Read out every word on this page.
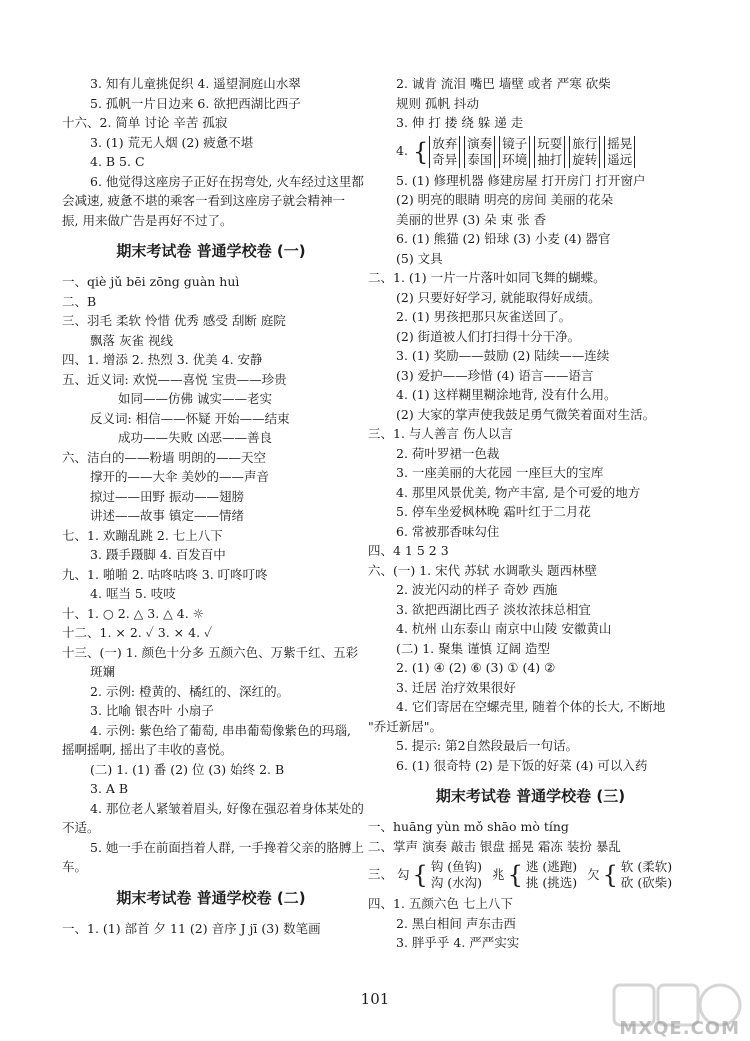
3. 知有儿童挑促织 4. 遥望洞庭山水翠
5. 孤帆一片日边来 6. 欲把西湖比西子
十六、2. 简单 讨论 辛苦 孤寂
3. (1) 荒无人烟 (2) 疲惫不堪
4. B 5. C
6. 他觉得这座房子正好在拐弯处, 火车经过这里都
会减速, 疲惫不堪的乘客一看到这座房子就会精神一
振, 用来做广告是再好不过了。
期末考试卷 普通学校卷 (一)
一、qiè jǔ bēi zōng guàn huì
二、B
三、羽毛 柔软 怜惜 优秀 感受 刮断 庭院
飘落 灰雀 视线
四、1. 增添 2. 热烈 3. 优美 4. 安静
五、近义词: 欢悦——喜悦 宝贵——珍贵
如同——仿佛 诚实——老实
反义词: 相信——怀疑 开始——结束
成功——失败 凶恶——善良
六、洁白的——粉墙 明朗的——天空
撑开的——大伞 美妙的——声音
掠过——田野 振动——翅膀
讲述——故事 镇定——情绪
七、1. 欢蹦乱跳 2. 七上八下
3. 蹑手蹑脚 4. 百发百中
九、1. 啪啪 2. 咕咚咕咚 3. 叮咚叮咚
4. 哐当 5. 吱吱
十、1. ○ 2. △ 3. △ 4. ☼
十二、1. × 2. ✓ 3. × 4. ✓
十三、(一) 1. 颜色十分多 五颜六色、万紫千红、五彩
斑斓
2. 示例: 橙黄的、橘红的、深红的。
3. 比喻 银杏叶 小扇子
4. 示例: 紫色给了葡萄, 串串葡萄像紫色的玛瑙,
摇啊摇啊, 摇出了丰收的喜悦。
(二) 1. (1) 番 (2) 位 (3) 始终 2. B
3. A B
4. 那位老人紧皱着眉头, 好像在强忍着身体某处的
不适。
5. 她一手在前面挡着人群, 一手搀着父亲的胳膊上
车。
期末考试卷 普通学校卷 (二)
一、1. (1) 部首 夕 11 (2) 音序 J jī (3) 数笔画
2. 诚肯 流泪 嘴巴 墙壁 或者 严寒 砍柴
规则 孤帆 抖动
3. 伸 打 搂 绕 躲 递 走
4. { 放弃
奇异
演奏
泰国
镜子
环境
玩耍
抽打
旅行
旋转
摇晃
遥远
5. (1) 修理机器 修建房屋 打开房门 打开窗户
(2) 明亮的眼睛 明亮的房间 美丽的花朵
美丽的世界 (3) 朵 束 张 香
6. (1) 熊猫 (2) 铅球 (3) 小麦 (4) 器官
(5) 文具
二、1. (1) 一片一片落叶如同飞舞的蝴蝶。
(2) 只要好好学习, 就能取得好成绩。
2. (1) 男孩把那只灰雀送回了。
(2) 街道被人们打扫得十分干净。
3. (1) 奖励——鼓励 (2) 陆续——连续
(3) 爱护——珍惜 (4) 语言——语言
4. (1) 这样糊里糊涂地背, 没有什么用。
(2) 大家的掌声使我鼓足勇气微笑着面对生活。
三、1. 与人善言 伤人以言
2. 荷叶罗裙一色裁
3. 一座美丽的大花园 一座巨大的宝库
4. 那里风景优美, 物产丰富, 是个可爱的地方
5. 停车坐爱枫林晚 霜叶红于二月花
6. 常被那香味勾住
四、4 1 5 2 3
六、(一) 1. 宋代 苏轼 水调歌头 题西林壁
2. 波光闪动的样子 奇妙 西施
3. 欲把西湖比西子 淡妆浓抹总相宜
4. 杭州 山东泰山 南京中山陵 安徽黄山
(二) 1. 聚集 谨慎 辽阔 造型
2. (1) ④ (2) ⑥ (3) ① (4) ②
3. 迁居 治疗效果很好
4. 它们寄居在空螺壳里, 随着个体的长大, 不断地
"乔迁新居"。
5. 提示: 第2自然段最后一句话。
6. (1) 很奇特 (2) 是下饭的好菜 (4) 可以入药
期末考试卷 普通学校卷 (三)
一、huāng yùn mǒ shāo mò tíng
二、掌声 演奏 敲击 银盘 摇晃 霜冻 装扮 暴乱
三、 勾 { 钩 (鱼钩)
沟 (水沟)
兆 { 逃 (逃跑)
挑 (挑选)
欠 { 软 (柔软)
砍 (砍柴)
四、1. 五颜六色 七上八下
2. 黑白相间 声东击西
3. 胖乎乎 4. 严严实实
101
MXQE.COM
